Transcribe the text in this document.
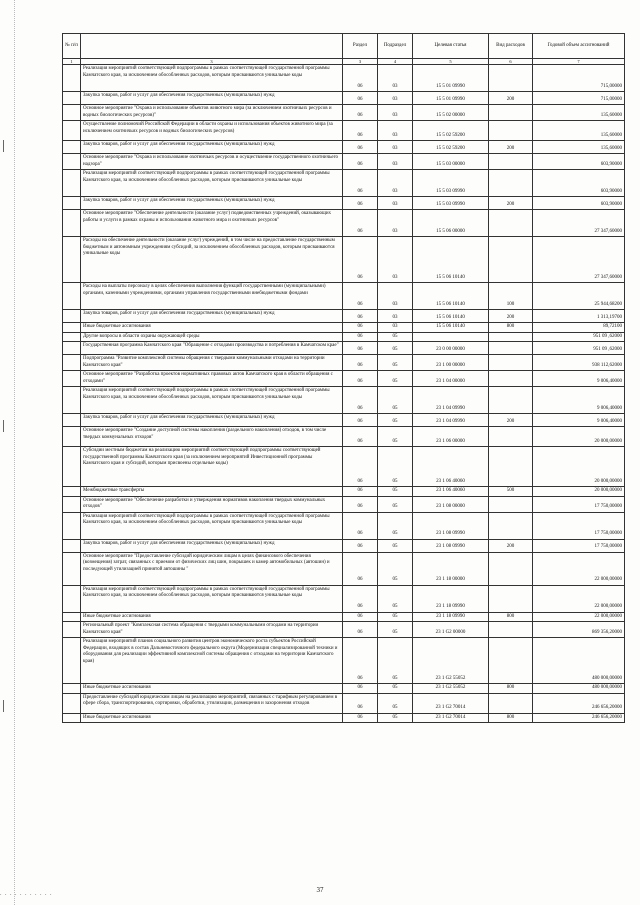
№ п/п		Раздел	Подраздел	Целевая статья	Вид расходов	Годовой объем ассигнований
1	3	3	4	5	6	7
	Реализация мероприятий соответствующей подпрограммы в рамках соответствующей государственной программы Камчатского края, за исключением обособленных расходов, которым присваиваются уникальные коды	06	03	15 5 01 09990		715,00000
	Закупка товаров, работ и услуг для обеспечения государственных (муниципальных) нужд	06	03	15 5 01 09990	200	715,00000
	Основное мероприятие "Охрана и использование объектов животного мира (за исключением охотничьих ресурсов и водных биологических ресурсов)"	06	03	15 5 02 00000		135,60000
	Осуществление полномочий Российской Федерации в области охраны и использования объектов животного мира (за исключением охотничьих ресурсов и водных биологических ресурсов)	06	03	15 5 02 59200		135,60000
	Закупка товаров, работ и услуг для обеспечения государственных (муниципальных) нужд	06	03	15 5 02 59200	200	135,60000
	Основное мероприятие "Охрана и использование охотничьих ресурсов и осуществление государственного охотничьего надзора"	06	03	15 5 03 00000		603,90000
	Реализация мероприятий соответствующей подпрограммы в рамках соответствующей государственной программы Камчатского края, за исключением обособленных расходов, которым присваиваются уникальные коды	06	03	15 5 03 09990		603,90000
	Закупка товаров, работ и услуг для обеспечения государственных (муниципальных) нужд	06	03	15 5 03 09990	200	603,90000
	Основное мероприятие "Обеспечение деятельности (оказание услуг) подведомственных учреждений, оказывающих работы и услуги в рамках охраны и использования животного мира и охотничьих ресурсов"	06	03	15 5 06 00000		27 347,60000
	Расходы на обеспечение деятельности (оказание услуг) учреждений, в том числе на предоставление государственным бюджетным и автономным учреждениям субсидий, за исключением обособленных расходов, которым присваиваются уникальные коды	06	03	15 5 06 10140		27 347,60000
	Расходы на выплаты персоналу в целях обеспечения выполнения функций государственными (муниципальными) органами, казенными учреждениями, органами управления государственными внебюджетными фондами	06	03	15 5 06 10140	100	25 944,68200
	Закупка товаров, работ и услуг для обеспечения государственных (муниципальных) нужд	06	03	15 5 06 10140	200	1 313,19700
	Иные бюджетные ассигнования	06	03	15 5 06 10140	800	89,72100
	Другие вопросы в области охраны окружающей среды	06	05			951 09 ,62000
	Государственная программа Камчатского края "Обращение с отходами производства и потребления в Камчатском крае"	06	05	23 0 00 00000		951 09 ,62000
	Подпрограмма "Развитие комплексной системы обращения с твердыми коммунальными отходами на территории Камчатского края"	06	05	23 1 00 00000		938 112,62000
	Основное мероприятие "Разработка проектов нормативных правовых актов Камчатского края в области обращения с отходами"	06	05	23 1 04 00000		9 006,40000
	Реализация мероприятий соответствующей подпрограммы в рамках соответствующей государственной программы Камчатского края, за исключением обособленных расходов, которым присваиваются уникальные коды	06	05	23 1 04 09990		9 006,40000
	Закупка товаров, работ и услуг для обеспечения государственных (муниципальных) нужд	06	05	23 1 04 09990	200	9 006,40000
	Основное мероприятие "Создание доступной системы накопления (раздельного накопления) отходов, в том числе твердых коммунальных отходов"	06	05	23 1 06 00000		20 000,00000
	Субсидии местным бюджетам на реализацию мероприятий соответствующей подпрограммы соответствующей государственной программы Камчатского края (за исключением мероприятий Инвестиционной программы Камчатского края и субсидий, которым присвоены отдельные коды)	06	05	23 1 06 40060		20 000,00000
	Межбюджетные трансферты	06	05	23 1 06 40060	500	20 000,00000
	Основное мероприятие "Обеспечение разработки и утверждения нормативов накопления твердых коммунальных отходов"	06	05	23 1 08 00000		17 750,00000
	Реализация мероприятий соответствующей подпрограммы в рамках соответствующей государственной программы Камчатского края, за исключением обособленных расходов, которым присваиваются уникальные коды	06	05	23 1 08 09990		17 750,00000
	Закупка товаров, работ и услуг для обеспечения государственных (муниципальных) нужд	06	05	23 1 08 09990	200	17 750,00000
	Основное мероприятие "Предоставление субсидий юридическим лицам в целях финансового обеспечения (возмещения) затрат, связанных с приемом от физических лиц шин, покрышек и камер автомобильных (автошин) и последующей утилизацией принятой автошины "	06	05	23 1 18 00000		22 000,00000
	Реализация мероприятий соответствующей подпрограммы в рамках соответствующей государственной программы Камчатского края, за исключением обособленных расходов, которым присваиваются уникальные коды	06	05	23 1 18 09990		22 000,00000
	Иные бюджетные ассигнования	06	05	23 1 18 09990	800	22 000,00000
	Региональный проект "Комплексная система обращения с твердыми коммунальными отходами на территории Камчатского края"	06	05	23 1 G2 00000		869 356,20000
	Реализация мероприятий планов социального развития центров экономического роста субъектов Российской Федерации, входящих в состав Дальневосточного федерального округа (Модернизация специализированной техники и оборудования для реализации эффективной комплексной системы обращения с отходами на территории Камчатского края)	06	05	23 1 G2 55052		480 000,00000
	Иные бюджетные ассигнования	06	05	23 1 G2 55052	800	480 000,00000
	Предоставление субсидий юридическим лицам на реализацию мероприятий, связанных с тарифным регулированием в сфере сбора, транспортирования, сортировки, обработки, утилизации, размещения и захоронения отходов	06	05	23 1 G2 70014		246 656,20000
	Иные бюджетные ассигнования	06	05	23 1 G2 70014	800	246 656,20000
37
. . . . . . . . . . .
